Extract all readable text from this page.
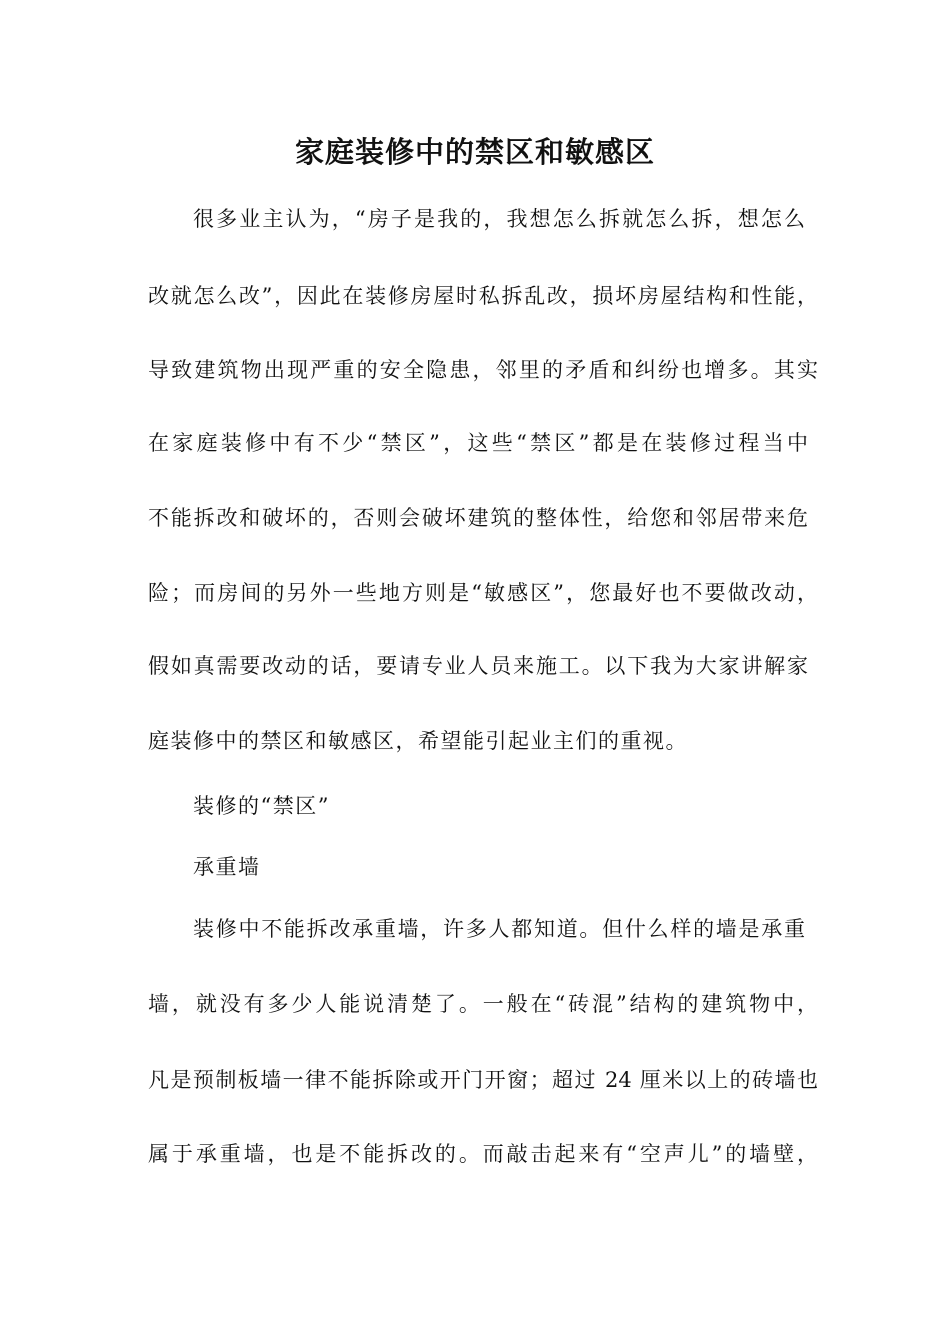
家庭装修中的禁区和敏感区
很多业主认为，“房子是我的，我想怎么拆就怎么拆，想怎么
改就怎么改”，因此在装修房屋时私拆乱改，损坏房屋结构和性能，
导致建筑物出现严重的安全隐患，邻里的矛盾和纠纷也增多。其实
在家庭装修中有不少“禁区”，这些“禁区”都是在装修过程当中
不能拆改和破坏的，否则会破坏建筑的整体性，给您和邻居带来危
险；而房间的另外一些地方则是“敏感区”，您最好也不要做改动，
假如真需要改动的话，要请专业人员来施工。以下我为大家讲解家
庭装修中的禁区和敏感区，希望能引起业主们的重视。
装修的“禁区”
承重墙
装修中不能拆改承重墙，许多人都知道。但什么样的墙是承重
墙，就没有多少人能说清楚了。一般在“砖混”结构的建筑物中，
凡是预制板墙一律不能拆除或开门开窗；超过 24 厘米以上的砖墙也
属于承重墙，也是不能拆改的。而敲击起来有“空声儿”的墙壁，
